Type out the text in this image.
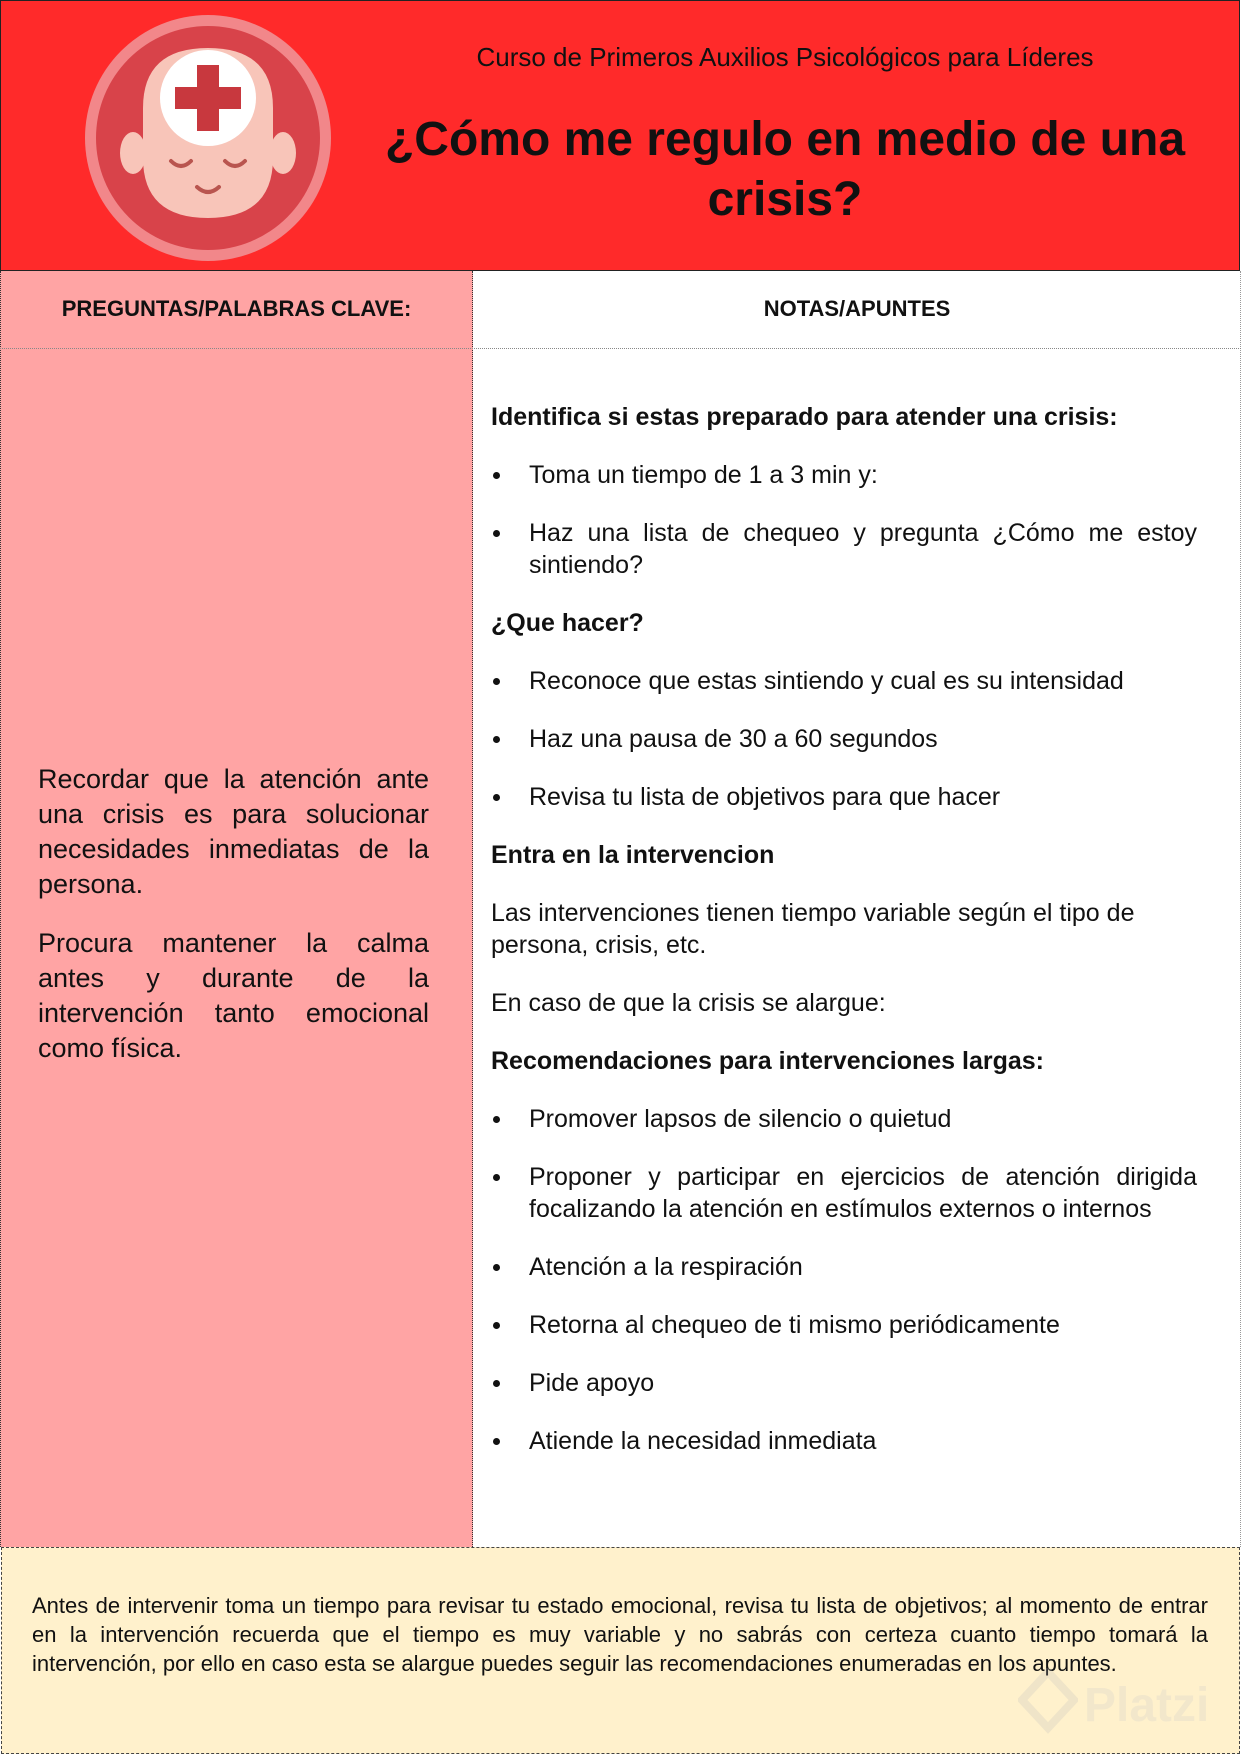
Curso de Primeros Auxilios Psicológicos para Líderes
¿Cómo me regulo en medio de una
crisis?
PREGUNTAS/PALABRAS CLAVE:	NOTAS/APUNTES

Recordar que la atención ante una crisis es para solucionar necesidades inmediatas de la persona.

Procura mantener la calma antes y durante de la intervención tanto emocional como física.

Identifica si estas preparado para atender una crisis:
Toma un tiempo de 1 a 3 min y:
Haz una lista de chequeo y pregunta ¿Cómo me estoy sintiendo?
¿Que hacer?
Reconoce que estas sintiendo y cual es su intensidad
Haz una pausa de 30 a 60 segundos
Revisa tu lista de objetivos para que hacer
Entra en la intervencion
Las intervenciones tienen tiempo variable según el tipo de persona, crisis, etc.
En caso de que la crisis se alargue:
Recomendaciones para intervenciones largas:
Promover lapsos de silencio o quietud
Proponer y participar en ejercicios de atención dirigida focalizando la atención en estímulos externos o internos
Atención a la respiración
Retorna al chequeo de ti mismo periódicamente
Pide apoyo
Atiende la necesidad inmediata
Antes de intervenir toma un tiempo para revisar tu estado emocional, revisa tu lista de objetivos; al momento de entrar en la intervención recuerda que el tiempo es muy variable y no sabrás con certeza cuanto tiempo tomará la intervención, por ello en caso esta se alargue puedes seguir las recomendaciones enumeradas en los apuntes.
Platzi
